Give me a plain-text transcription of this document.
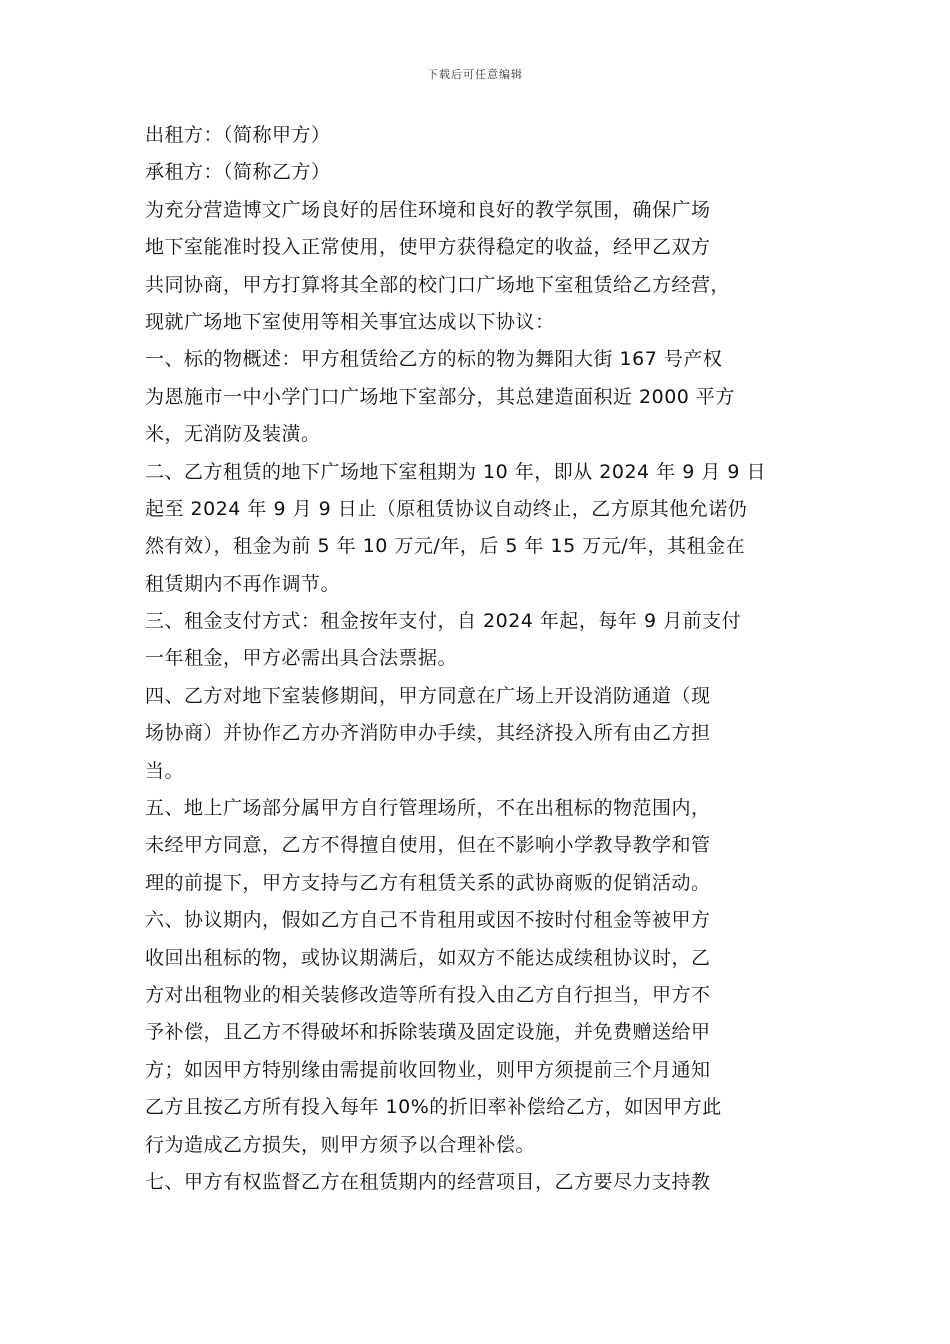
下载后可任意编辑
出租方：（简称甲方）
承租方：（简称乙方）
为充分营造博文广场良好的居住环境和良好的教学氛围，确保广场
地下室能准时投入正常使用，使甲方获得稳定的收益，经甲乙双方
共同协商，甲方打算将其全部的校门口广场地下室租赁给乙方经营，
现就广场地下室使用等相关事宜达成以下协议：
一、标的物概述：甲方租赁给乙方的标的物为舞阳大街 167 号产权
为恩施市一中小学门口广场地下室部分，其总建造面积近 2000 平方
米，无消防及装潢。
二、乙方租赁的地下广场地下室租期为 10 年，即从 2024 年 9 月 9 日
起至 2024 年 9 月 9 日止（原租赁协议自动终止，乙方原其他允诺仍
然有效），租金为前 5 年 10 万元/年，后 5 年 15 万元/年，其租金在
租赁期内不再作调节。
三、租金支付方式：租金按年支付，自 2024 年起，每年 9 月前支付
一年租金，甲方必需出具合法票据。
四、乙方对地下室装修期间，甲方同意在广场上开设消防通道（现
场协商）并协作乙方办齐消防申办手续，其经济投入所有由乙方担
当。
五、地上广场部分属甲方自行管理场所，不在出租标的物范围内，
未经甲方同意，乙方不得擅自使用，但在不影响小学教导教学和管
理的前提下，甲方支持与乙方有租赁关系的武协商贩的促销活动。
六、协议期内，假如乙方自己不肯租用或因不按时付租金等被甲方
收回出租标的物，或协议期满后，如双方不能达成续租协议时，乙
方对出租物业的相关装修改造等所有投入由乙方自行担当，甲方不
予补偿，且乙方不得破坏和拆除装璜及固定设施，并免费赠送给甲
方；如因甲方特别缘由需提前收回物业，则甲方须提前三个月通知
乙方且按乙方所有投入每年 10%的折旧率补偿给乙方，如因甲方此
行为造成乙方损失，则甲方须予以合理补偿。
七、甲方有权监督乙方在租赁期内的经营项目，乙方要尽力支持教
